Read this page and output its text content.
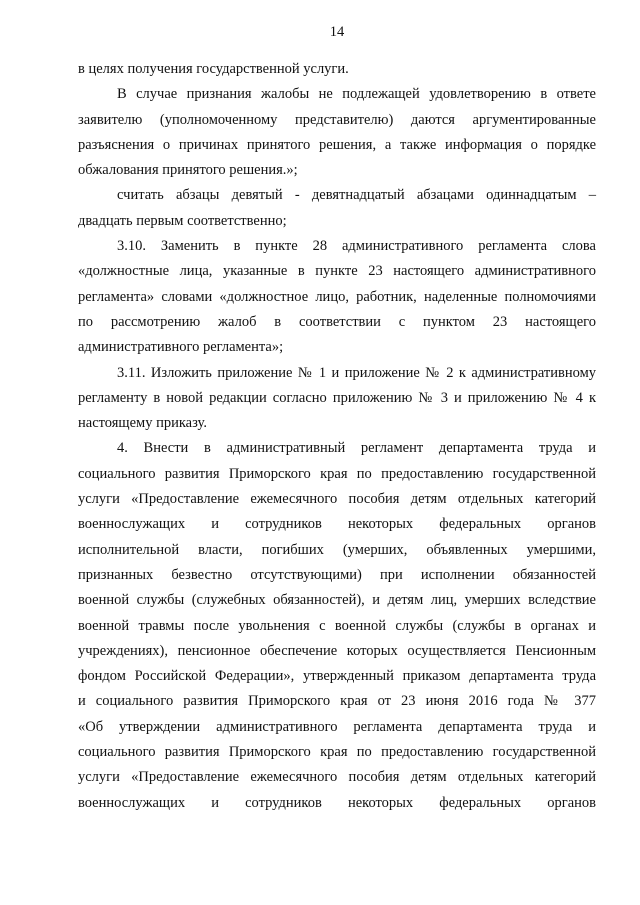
14
в целях получения государственной услуги.
В случае признания жалобы не подлежащей удовлетворению в ответе
заявителю (уполномоченному представителю) даются аргументированные
разъяснения о причинах принятого решения, а также информация о порядке
обжалования принятого решения.»;
считать абзацы девятый - девятнадцатый абзацами одиннадцатым –
двадцать первым соответственно;
3.10. Заменить в пункте 28 административного регламента слова
«должностные лица, указанные в пункте 23 настоящего административного
регламента» словами «должностное лицо, работник, наделенные полномочиями
по рассмотрению жалоб в соответствии с пунктом 23 настоящего
административного регламента»;
3.11. Изложить приложение № 1 и приложение № 2 к административному
регламенту в новой редакции согласно приложению № 3 и приложению № 4 к
настоящему приказу.
4. Внести в административный регламент департамента труда и
социального развития Приморского края по предоставлению государственной
услуги «Предоставление ежемесячного пособия детям отдельных категорий
военнослужащих и сотрудников некоторых федеральных органов
исполнительной власти, погибших (умерших, объявленных умершими,
признанных безвестно отсутствующими) при исполнении обязанностей
военной службы (служебных обязанностей), и детям лиц, умерших вследствие
военной травмы после увольнения с военной службы (службы в органах и
учреждениях), пенсионное обеспечение которых осуществляется Пенсионным
фондом Российской Федерации», утвержденный приказом департамента труда
и социального развития Приморского края от 23 июня 2016 года № 377
«Об утверждении административного регламента департамента труда и
социального развития Приморского края по предоставлению государственной
услуги «Предоставление ежемесячного пособия детям отдельных категорий
военнослужащих и сотрудников некоторых федеральных органов
